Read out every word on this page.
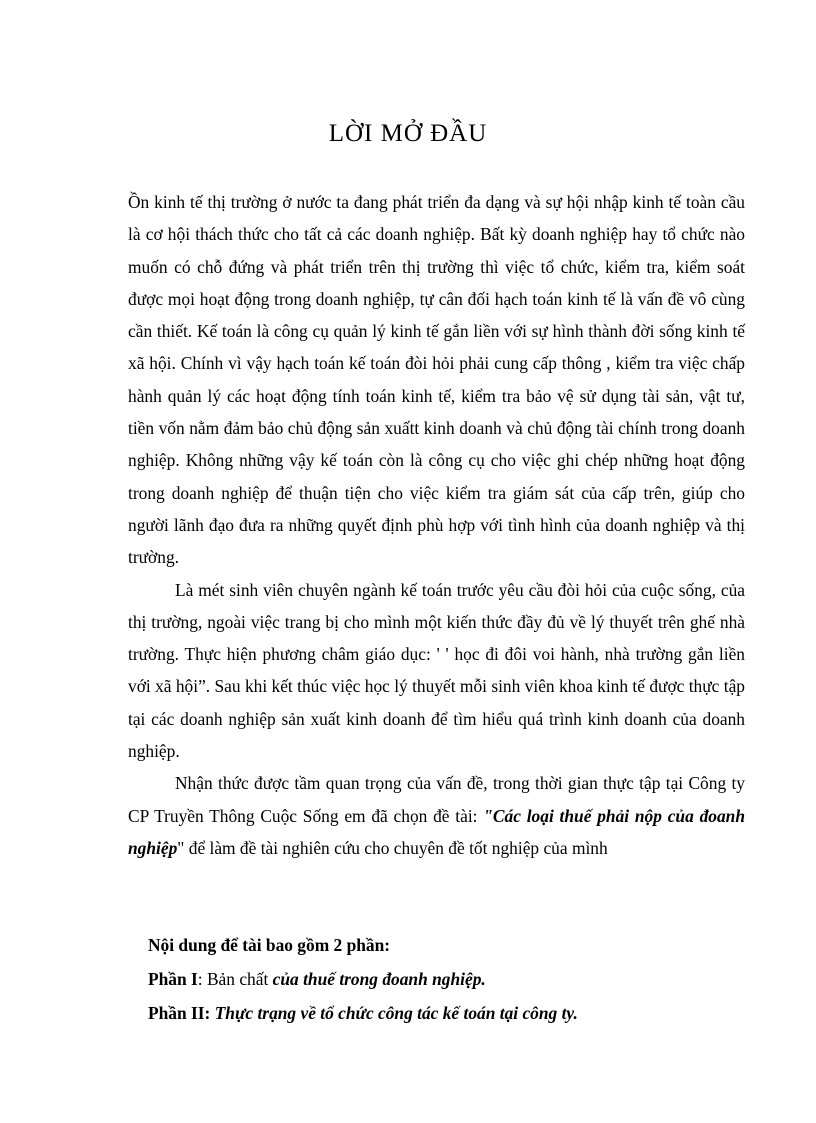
LỜI MỞ ĐẦU

Ồn kinh tế thị trường ở nước ta đang phát triển đa dạng và sự hội nhập kinh tế toàn cầu là cơ hội thách thức cho tất cả các doanh nghiệp. Bất kỳ doanh nghiệp hay tổ chức nào muốn có chỗ đứng và phát triển trên thị trường thì việc tổ chức, kiểm tra, kiểm soát được mọi hoạt động trong doanh nghiệp, tự cân đối hạch toán kinh tế là vấn đề vô cùng cần thiết. Kế toán là công cụ quản lý kinh tế gắn liền với sự hình thành đời sống kinh tế xã hội. Chính vì vậy hạch toán kế toán đòi hỏi phải cung cấp thông , kiểm tra việc chấp hành quản lý các hoạt động tính toán kinh tế, kiểm tra bảo vệ sử dụng tài sản, vật tư, tiền vốn nằm đảm bảo chủ động sản xuấtt kinh doanh và chủ động tài chính trong doanh nghiệp. Không những vậy kế toán còn là công cụ cho việc ghi chép những hoạt động trong doanh nghiệp để thuận tiện cho việc kiểm tra giám sát của cấp trên, giúp cho người lãnh đạo đưa ra những quyết định phù hợp với tình hình của doanh nghiệp và thị trường.

Là mét sinh viên chuyên ngành kế toán trước yêu cầu đòi hỏi của cuộc sống, của thị trường, ngoài việc trang bị cho mình một kiến thức đầy đủ về lý thuyết trên ghế nhà trường. Thực hiện phương châm giáo dục: ' ' học đi đôi voi hành, nhà trường gắn liền với xã hội”. Sau khi kết thúc việc học lý thuyết mỗi sinh viên khoa kinh tế được thực tập tại các doanh nghiệp sản xuất kinh doanh để tìm hiểu quá trình kinh doanh của doanh nghiệp.

Nhận thức được tầm quan trọng của vấn đề, trong thời gian thực tập tại Công ty CP Truyền Thông Cuộc Sống em đã chọn đề tài: "Các loại thuế phải nộp của đoanh nghiệp" để làm đề tài nghiên cứu cho chuyên đề tốt nghiệp của mình

Nội dung để tài bao gồm 2 phần:
Phần I: Bản chất của thuế trong đoanh nghiệp.
Phần II: Thực trạng về tổ chức công tác kế toán tại công ty.
